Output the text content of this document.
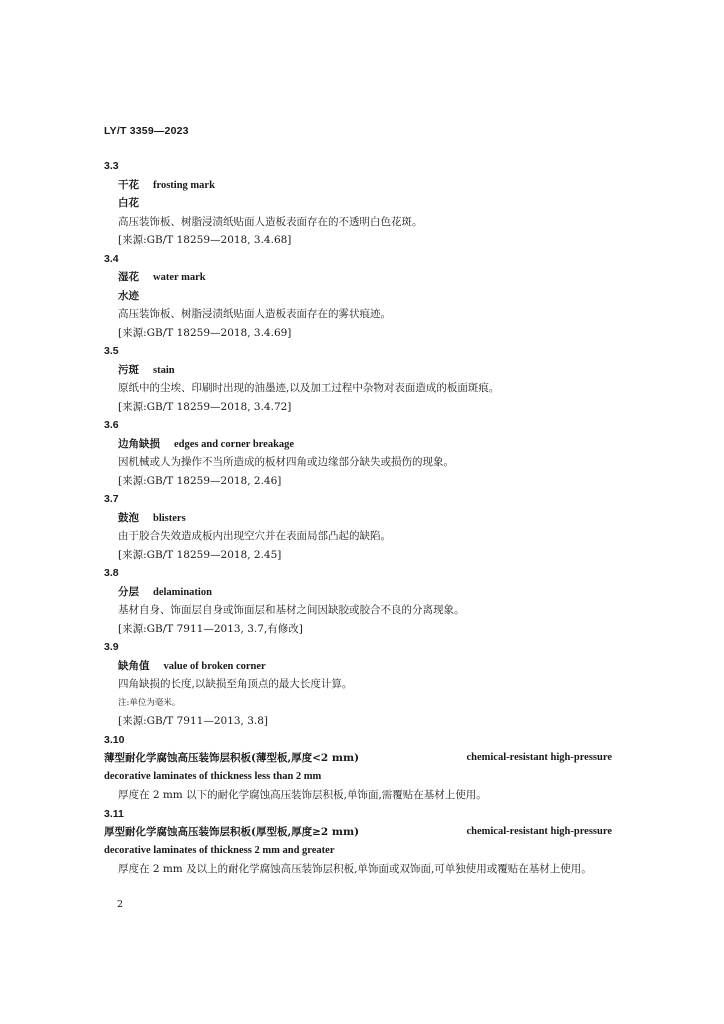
LY/T 3359—2023
3.3
干花 frosting mark
白花
高压装饰板、树脂浸渍纸贴面人造板表面存在的不透明白色花斑。
[来源:GB/T 18259—2018, 3.4.68]
3.4
湿花 water mark
水迹
高压装饰板、树脂浸渍纸贴面人造板表面存在的雾状痕迹。
[来源:GB/T 18259—2018, 3.4.69]
3.5
污斑 stain
原纸中的尘埃、印刷时出现的油墨迹,以及加工过程中杂物对表面造成的板面斑痕。
[来源:GB/T 18259—2018, 3.4.72]
3.6
边角缺损 edges and corner breakage
因机械或人为操作不当所造成的板材四角或边缘部分缺失或损伤的现象。
[来源:GB/T 18259—2018, 2.46]
3.7
鼓泡 blisters
由于胶合失效造成板内出现空穴并在表面局部凸起的缺陷。
[来源:GB/T 18259—2018, 2.45]
3.8
分层 delamination
基材自身、饰面层自身或饰面层和基材之间因缺胶或胶合不良的分离现象。
[来源:GB/T 7911—2013, 3.7,有修改]
3.9
缺角值 value of broken corner
四角缺损的长度,以缺损至角顶点的最大长度计算。
注:单位为毫米。
[来源:GB/T 7911—2013, 3.8]
3.10
薄型耐化学腐蚀高压装饰层积板(薄型板,厚度<2 mm)	chemical-resistant high-pressure
decorative laminates of thickness less than 2 mm
厚度在 2 mm 以下的耐化学腐蚀高压装饰层积板,单饰面,需覆贴在基材上使用。
3.11
厚型耐化学腐蚀高压装饰层积板(厚型板,厚度≥2 mm)	chemical-resistant high-pressure
decorative laminates of thickness 2 mm and greater
厚度在 2 mm 及以上的耐化学腐蚀高压装饰层积板,单饰面或双饰面,可单独使用或覆贴在基材上使用。
2
